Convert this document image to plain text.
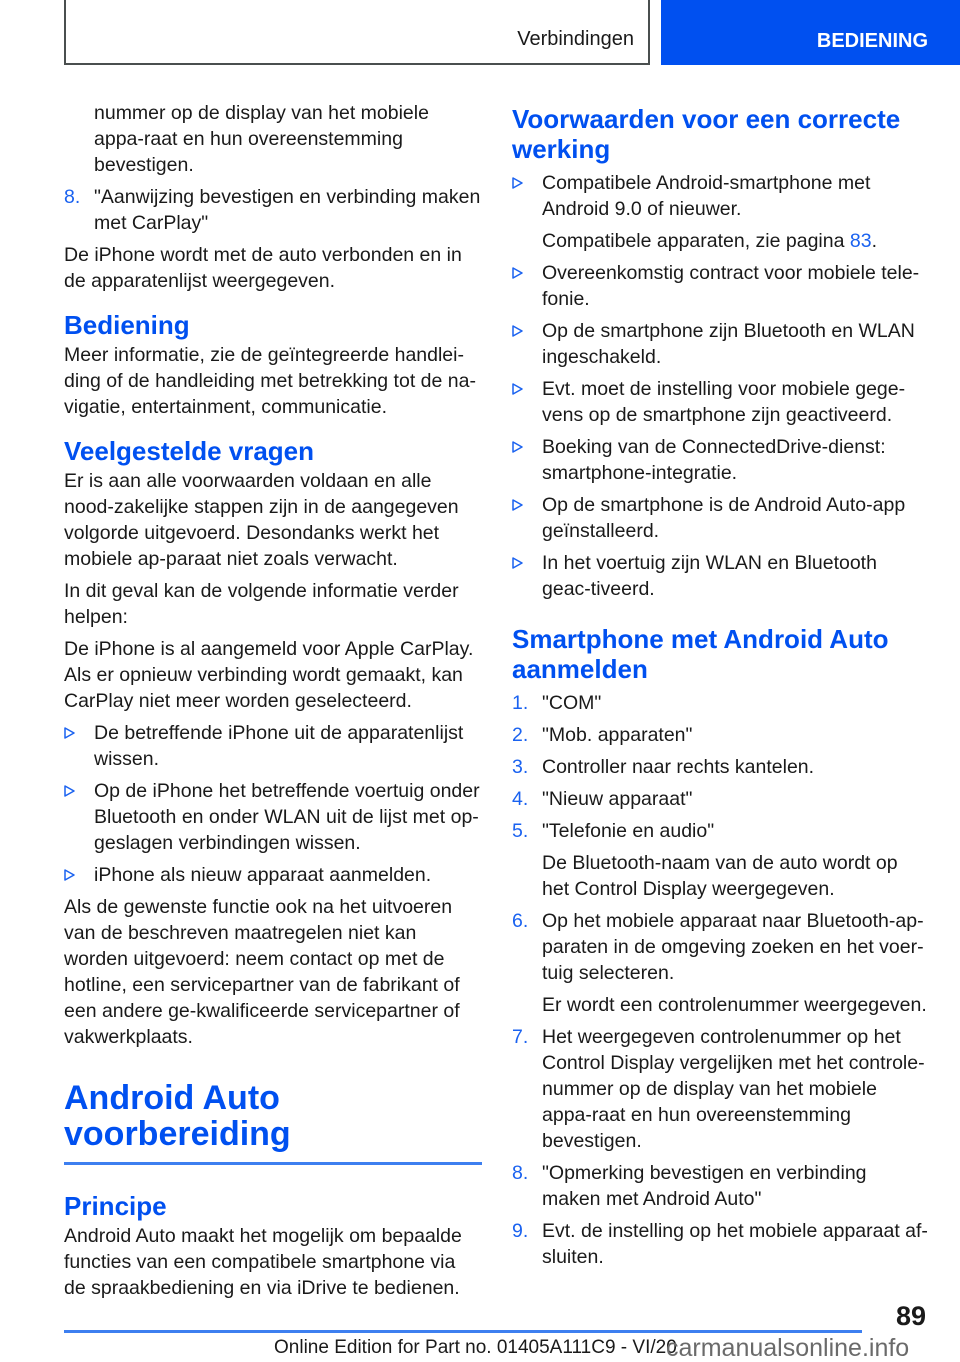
Verbindingen	BEDIENING
nummer op de display van het mobiele appa-raat en hun overeenstemming bevestigen.
8. "Aanwijzing bevestigen en verbinding maken met CarPlay"

De iPhone wordt met de auto verbonden en in de apparatenlijst weergegeven.

Bediening

Meer informatie, zie de geïntegreerde handlei-ding of de handleiding met betrekking tot de na-vigatie, entertainment, communicatie.

Veelgestelde vragen

Er is aan alle voorwaarden voldaan en alle nood-zakelijke stappen zijn in de aangegeven volgorde uitgevoerd. Desondanks werkt het mobiele ap-paraat niet zoals verwacht.

In dit geval kan de volgende informatie verder helpen:

De iPhone is al aangemeld voor Apple CarPlay. Als er opnieuw verbinding wordt gemaakt, kan CarPlay niet meer worden geselecteerd.

De betreffende iPhone uit de apparatenlijst wissen.
Op de iPhone het betreffende voertuig onder Bluetooth en onder WLAN uit de lijst met op-geslagen verbindingen wissen.
iPhone als nieuw apparaat aanmelden.

Als de gewenste functie ook na het uitvoeren van de beschreven maatregelen niet kan worden uitgevoerd: neem contact op met de hotline, een servicepartner van de fabrikant of een andere ge-kwalificeerde servicepartner of vakwerkplaats.

Android Auto
voorbereiding
Principe

Android Auto maakt het mogelijk om bepaalde functies van een compatibele smartphone via de spraakbediening en via iDrive te bedienen.

Voorwaarden voor een correcte werking
Compatibele Android-smartphone met Android 9.0 of nieuwer.

Compatibele apparaten, zie pagina 83.

Overeenkomstig contract voor mobiele tele-fonie.
Op de smartphone zijn Bluetooth en WLAN ingeschakeld.
Evt. moet de instelling voor mobiele gege-vens op de smartphone zijn geactiveerd.
Boeking van de ConnectedDrive-dienst: smartphone-integratie.
Op de smartphone is de Android Auto-app geïnstalleerd.
In het voertuig zijn WLAN en Bluetooth geac-tiveerd.
Smartphone met Android Auto aanmelden
1. "COM"
2. "Mob. apparaten"
3. Controller naar rechts kantelen.
4. "Nieuw apparaat"
5. "Telefonie en audio"

De Bluetooth-naam van de auto wordt op het Control Display weergegeven.

6. Op het mobiele apparaat naar Bluetooth-ap-paraten in de omgeving zoeken en het voer-tuig selecteren.

Er wordt een controlenummer weergegeven.

7. Het weergegeven controlenummer op het Control Display vergelijken met het controle-nummer op de display van het mobiele appa-raat en hun overeenstemming bevestigen.
8. "Opmerking bevestigen en verbinding maken met Android Auto"
9. Evt. de instelling op het mobiele apparaat af-sluiten.
89
Online Edition for Part no. 01405A111C9 - VI/20
carmanualsonline.info
